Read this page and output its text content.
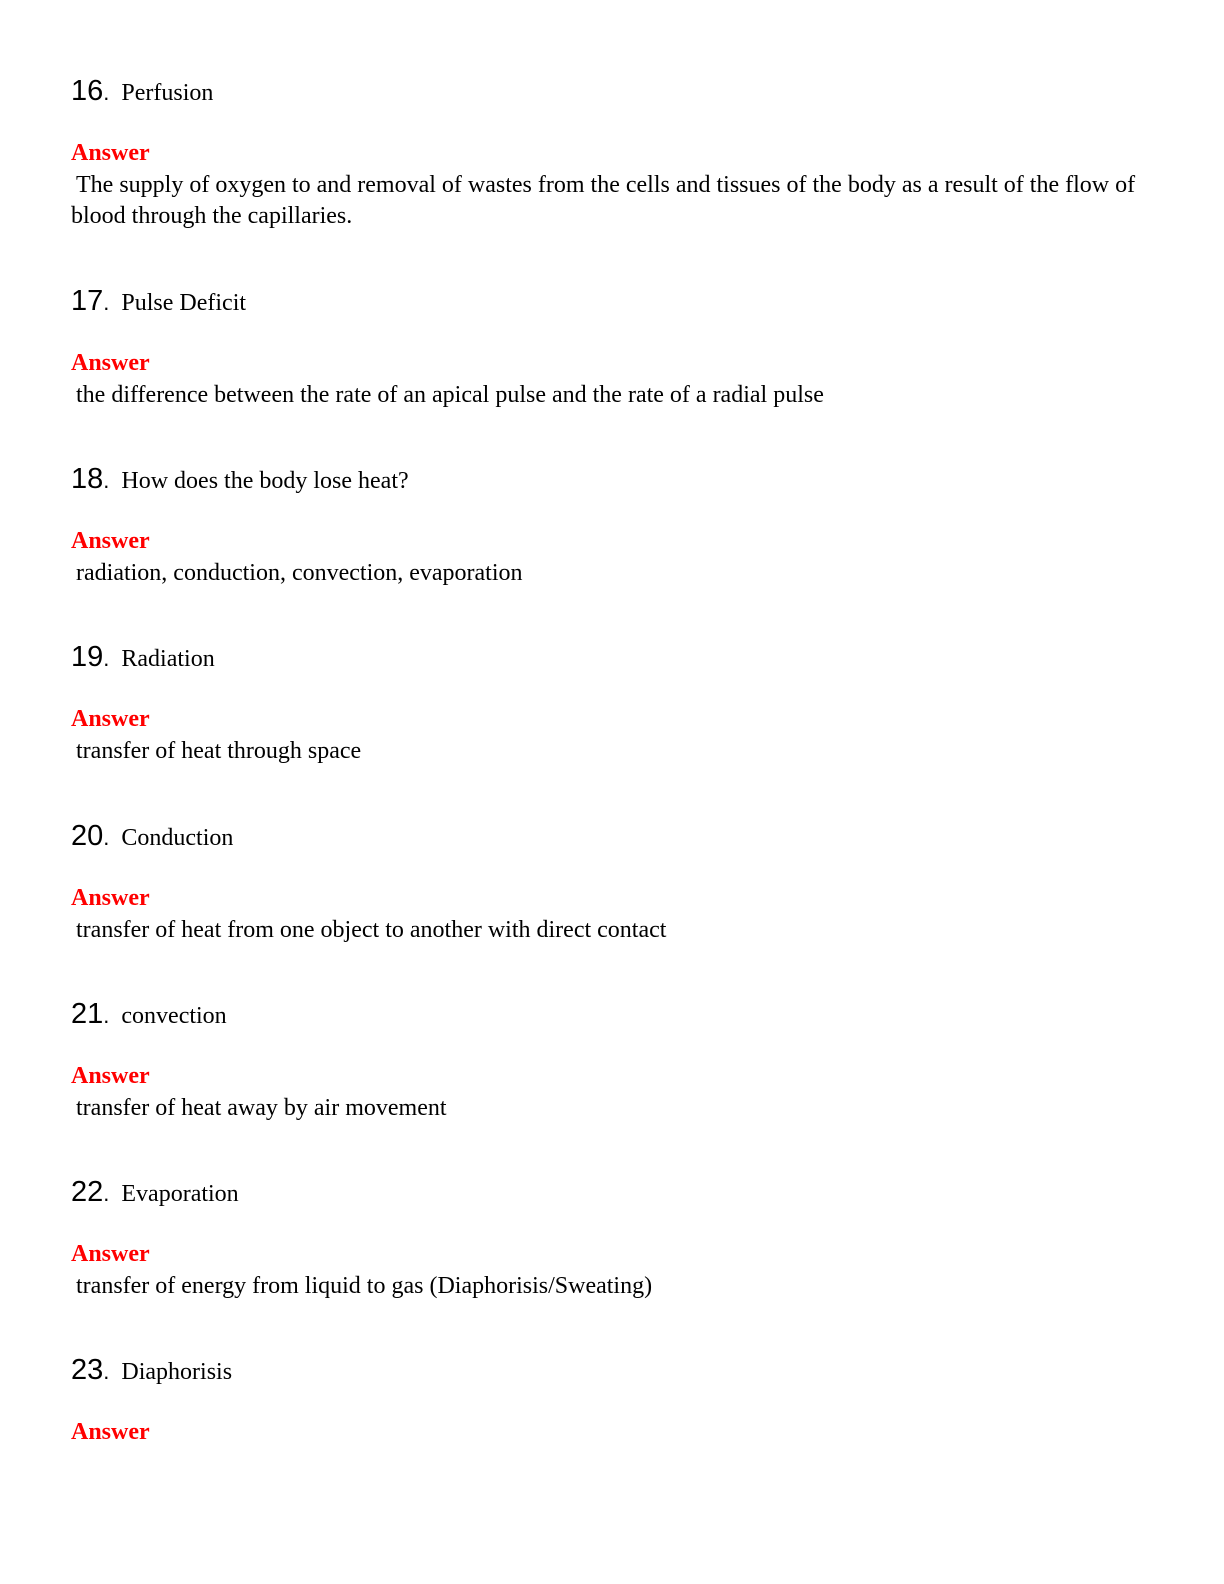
16. Perfusion
Answer
The supply of oxygen to and removal of wastes from the cells and tissues of the body as a result of the flow of blood through the capillaries.
17. Pulse Deficit
Answer
the difference between the rate of an apical pulse and the rate of a radial pulse
18. How does the body lose heat?
Answer
radiation, conduction, convection, evaporation
19. Radiation
Answer
transfer of heat through space
20. Conduction
Answer
transfer of heat from one object to another with direct contact
21. convection
Answer
transfer of heat away by air movement
22. Evaporation
Answer
transfer of energy from liquid to gas (Diaphorisis/Sweating)
23. Diaphorisis
Answer
